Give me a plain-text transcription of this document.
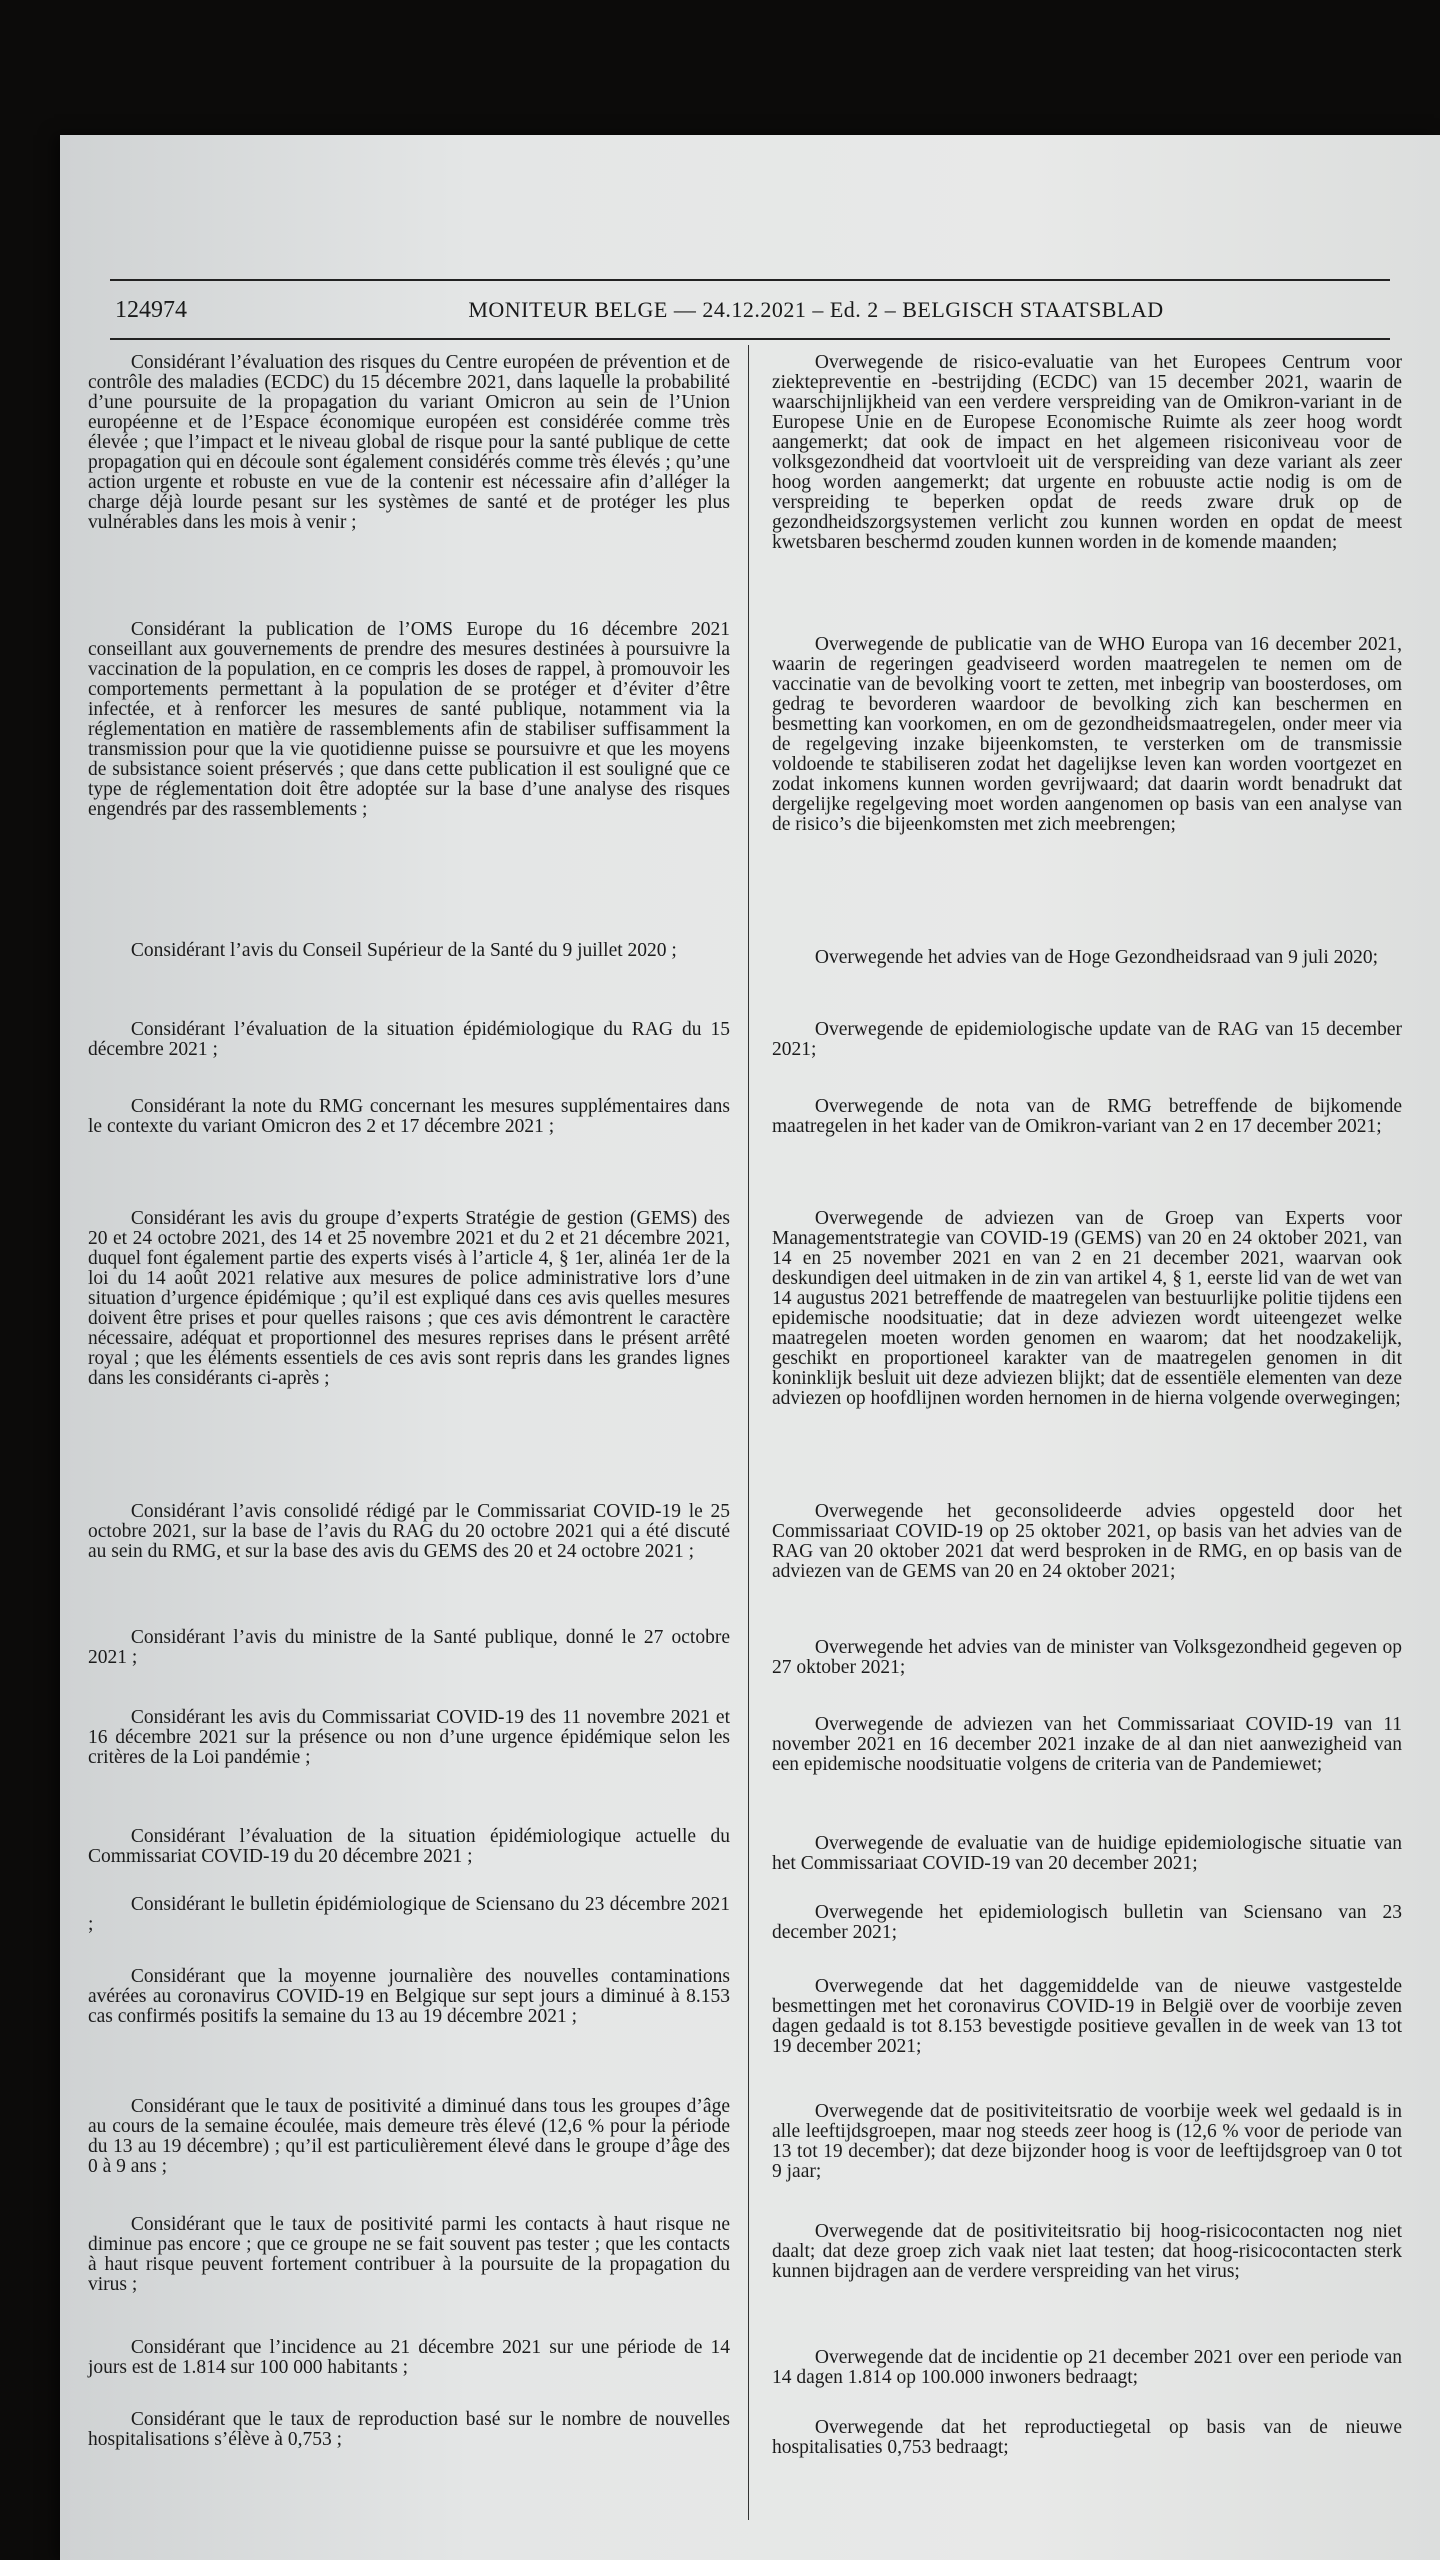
124974	MONITEUR BELGE — 24.12.2021 – Ed. 2 – BELGISCH STAATSBLAD

Considérant l’évaluation des risques du Centre européen de prévention et de contrôle des maladies (ECDC) du 15 décembre 2021, dans laquelle la probabilité d’une poursuite de la propagation du variant Omicron au sein de l’Union européenne et de l’Espace économique européen est considérée comme très élevée ; que l’impact et le niveau global de risque pour la santé publique de cette propagation qui en découle sont également considérés comme très élevés ; qu’une action urgente et robuste en vue de la contenir est nécessaire afin d’alléger la charge déjà lourde pesant sur les systèmes de santé et de protéger les plus vulnérables dans les mois à venir ;

Overwegende de risico-evaluatie van het Europees Centrum voor ziektepreventie en -bestrijding (ECDC) van 15 december 2021, waarin de waarschijnlijkheid van een verdere verspreiding van de Omikron-variant in de Europese Unie en de Europese Economische Ruimte als zeer hoog wordt aangemerkt; dat ook de impact en het algemeen risiconiveau voor de volksgezondheid dat voortvloeit uit de verspreiding van deze variant als zeer hoog worden aangemerkt; dat urgente en robuuste actie nodig is om de verspreiding te beperken opdat de reeds zware druk op de gezondheidszorgsystemen verlicht zou kunnen worden en opdat de meest kwetsbaren beschermd zouden kunnen worden in de komende maanden;

Considérant la publication de l’OMS Europe du 16 décembre 2021 conseillant aux gouvernements de prendre des mesures destinées à poursuivre la vaccination de la population, en ce compris les doses de rappel, à promouvoir les comportements permettant à la population de se protéger et d’éviter d’être infectée, et à renforcer les mesures de santé publique, notamment via la réglementation en matière de rassemblements afin de stabiliser suffisamment la transmission pour que la vie quotidienne puisse se poursuivre et que les moyens de subsistance soient préservés ; que dans cette publication il est souligné que ce type de réglementation doit être adoptée sur la base d’une analyse des risques engendrés par des rassemblements ;

Overwegende de publicatie van de WHO Europa van 16 december 2021, waarin de regeringen geadviseerd worden maatregelen te nemen om de vaccinatie van de bevolking voort te zetten, met inbegrip van boosterdoses, om gedrag te bevorderen waardoor de bevolking zich kan beschermen en besmetting kan voorkomen, en om de gezondheidsmaatregelen, onder meer via de regelgeving inzake bijeenkomsten, te versterken om de transmissie voldoende te stabiliseren zodat het dagelijkse leven kan worden voortgezet en zodat inkomens kunnen worden gevrijwaard; dat daarin wordt benadrukt dat dergelijke regelgeving moet worden aangenomen op basis van een analyse van de risico’s die bijeenkomsten met zich meebrengen;

Considérant l’avis du Conseil Supérieur de la Santé du 9 juillet 2020 ;	Overwegende het advies van de Hoge Gezondheidsraad van 9 juli 2020;

Considérant l’évaluation de la situation épidémiologique du RAG du 15 décembre 2021 ;

Overwegende de epidemiologische update van de RAG van 15 december 2021;

Considérant la note du RMG concernant les mesures supplémentaires dans le contexte du variant Omicron des 2 et 17 décembre 2021 ;

Overwegende de nota van de RMG betreffende de bijkomende maatregelen in het kader van de Omikron-variant van 2 en 17 december 2021;

Considérant les avis du groupe d’experts Stratégie de gestion (GEMS) des 20 et 24 octobre 2021, des 14 et 25 novembre 2021 et du 2 et 21 décembre 2021, duquel font également partie des experts visés à l’article 4, § 1er, alinéa 1er de la loi du 14 août 2021 relative aux mesures de police administrative lors d’une situation d’urgence épidémique ; qu’il est expliqué dans ces avis quelles mesures doivent être prises et pour quelles raisons ; que ces avis démontrent le caractère nécessaire, adéquat et proportionnel des mesures reprises dans le présent arrêté royal ; que les éléments essentiels de ces avis sont repris dans les grandes lignes dans les considérants ci-après ;

Overwegende de adviezen van de Groep van Experts voor Managementstrategie van COVID-19 (GEMS) van 20 en 24 oktober 2021, van 14 en 25 november 2021 en van 2 en 21 december 2021, waarvan ook deskundigen deel uitmaken in de zin van artikel 4, § 1, eerste lid van de wet van 14 augustus 2021 betreffende de maatregelen van bestuurlijke politie tijdens een epidemische noodsituatie; dat in deze adviezen wordt uiteengezet welke maatregelen moeten worden genomen en waarom; dat het noodzakelijk, geschikt en proportioneel karakter van de maatregelen genomen in dit koninklijk besluit uit deze adviezen blijkt; dat de essentiële elementen van deze adviezen op hoofdlijnen worden hernomen in de hierna volgende overwegingen;

Considérant l’avis consolidé rédigé par le Commissariat COVID-19 le 25 octobre 2021, sur la base de l’avis du RAG du 20 octobre 2021 qui a été discuté au sein du RMG, et sur la base des avis du GEMS des 20 et 24 octobre 2021 ;

Overwegende het geconsolideerde advies opgesteld door het Commissariaat COVID-19 op 25 oktober 2021, op basis van het advies van de RAG van 20 oktober 2021 dat werd besproken in de RMG, en op basis van de adviezen van de GEMS van 20 en 24 oktober 2021;

Considérant l’avis du ministre de la Santé publique, donné le 27 octobre 2021 ;	Overwegende het advies van de minister van Volksgezondheid gegeven op 27 oktober 2021;

Considérant les avis du Commissariat COVID-19 des 11 novembre 2021 et 16 décembre 2021 sur la présence ou non d’une urgence épidémique selon les critères de la Loi pandémie ;

Overwegende de adviezen van het Commissariaat COVID-19 van 11 november 2021 en 16 december 2021 inzake de al dan niet aanwezigheid van een epidemische noodsituatie volgens de criteria van de Pandemiewet;

Considérant l’évaluation de la situation épidémiologique actuelle du Commissariat COVID-19 du 20 décembre 2021 ;

Overwegende de evaluatie van de huidige epidemiologische situatie van het Commissariaat COVID-19 van 20 december 2021;

Considérant le bulletin épidémiologique de Sciensano du 23 décembre 2021 ;

Overwegende het epidemiologisch bulletin van Sciensano van 23 december 2021;

Considérant que la moyenne journalière des nouvelles contaminations avérées au coronavirus COVID-19 en Belgique sur sept jours a diminué à 8.153 cas confirmés positifs la semaine du 13 au 19 décembre 2021 ;

Overwegende dat het daggemiddelde van de nieuwe vastgestelde besmettingen met het coronavirus COVID-19 in België over de voorbije zeven dagen gedaald is tot 8.153 bevestigde positieve gevallen in de week van 13 tot 19 december 2021;

Considérant que le taux de positivité a diminué dans tous les groupes d’âge au cours de la semaine écoulée, mais demeure très élevé (12,6 % pour la période du 13 au 19 décembre) ; qu’il est particulièrement élevé dans le groupe d’âge des 0 à 9 ans ;

Overwegende dat de positiviteitsratio de voorbije week wel gedaald is in alle leeftijdsgroepen, maar nog steeds zeer hoog is (12,6 % voor de periode van 13 tot 19 december); dat deze bijzonder hoog is voor de leeftijdsgroep van 0 tot 9 jaar;

Considérant que le taux de positivité parmi les contacts à haut risque ne diminue pas encore ; que ce groupe ne se fait souvent pas tester ; que les contacts à haut risque peuvent fortement contribuer à la poursuite de la propagation du virus ;

Overwegende dat de positiviteitsratio bij hoog-risicocontacten nog niet daalt; dat deze groep zich vaak niet laat testen; dat hoog-risicocontacten sterk kunnen bijdragen aan de verdere verspreiding van het virus;

Considérant que l’incidence au 21 décembre 2021 sur une période de 14 jours est de 1.814 sur 100 000 habitants ;	Overwegende dat de incidentie op 21 december 2021 over een periode van 14 dagen 1.814 op 100.000 inwoners bedraagt;

Considérant que le taux de reproduction basé sur le nombre de nouvelles hospitalisations s’élève à 0,753 ;

Overwegende dat het reproductiegetal op basis van de nieuwe hospitalisaties 0,753 bedraagt;
